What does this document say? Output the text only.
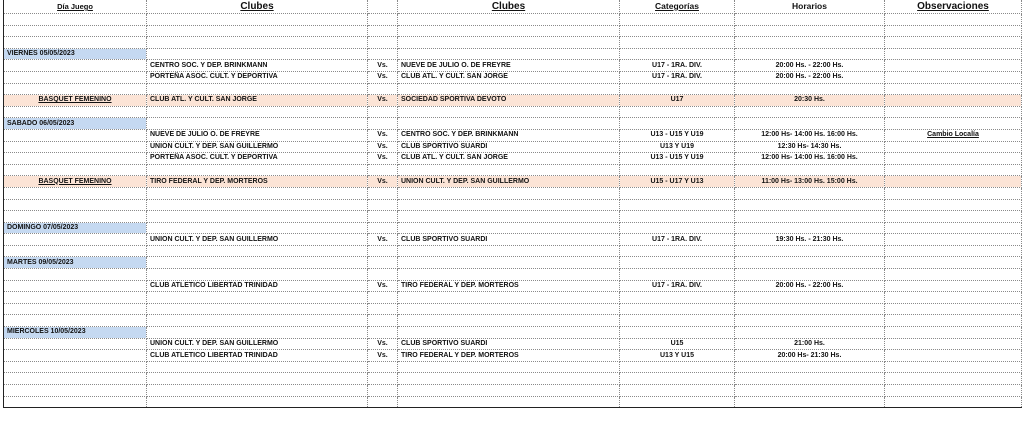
Día Juego	Clubes		Clubes	Categorías	Horarios	Observaciones

VIERNES 05/05/2023						
	CENTRO SOC. Y DEP. BRINKMANN	Vs.	NUEVE DE JULIO O. DE FREYRE	U17 - 1RA. DIV.	20:00 Hs. - 22:00 Hs.	
	PORTEÑA ASOC. CULT. Y DEPORTIVA	Vs.	CLUB ATL. Y CULT. SAN JORGE	U17 - 1RA. DIV.	20:00 Hs. - 22:00 Hs.	

BASQUET FEMENINO	CLUB ATL. Y CULT. SAN JORGE	Vs.	SOCIEDAD SPORTIVA DEVOTO	U17	20:30 Hs.	

SABADO 06/05/2023						
	NUEVE DE JULIO O. DE FREYRE	Vs.	CENTRO SOC. Y DEP. BRINKMANN	U13 - U15 Y U19	12:00 Hs- 14:00 Hs. 16:00 Hs.	Cambio Localía
	UNION CULT. Y DEP. SAN GUILLERMO	Vs.	CLUB SPORTIVO SUARDI	U13 Y U19	12:30 Hs- 14:30 Hs.	
	PORTEÑA ASOC. CULT. Y DEPORTIVA	Vs.	CLUB ATL. Y CULT. SAN JORGE	U13 - U15 Y U19	12:00 Hs- 14:00 Hs. 16:00 Hs.	

BASQUET FEMENINO	TIRO FEDERAL Y DEP. MORTEROS	Vs.	UNION CULT. Y DEP. SAN GUILLERMO	U15 - U17 Y U13	11:00 Hs- 13:00 Hs. 15:00 Hs.	

DOMINGO 07/05/2023						
	UNION CULT. Y DEP. SAN GUILLERMO	Vs.	CLUB SPORTIVO SUARDI	U17 - 1RA. DIV.	19:30 Hs. - 21:30 Hs.	

MARTES 09/05/2023						

	CLUB ATLETICO LIBERTAD TRINIDAD	Vs.	TIRO FEDERAL Y DEP. MORTEROS	U17 - 1RA. DIV.	20:00 Hs. - 22:00 Hs.	

MIERCOLES 10/05/2023						
	UNION CULT. Y DEP. SAN GUILLERMO	Vs.	CLUB SPORTIVO SUARDI	U15	21:00 Hs.	
	CLUB ATLETICO LIBERTAD TRINIDAD	Vs.	TIRO FEDERAL Y DEP. MORTEROS	U13 Y U15	20:00 Hs- 21:30 Hs.	
